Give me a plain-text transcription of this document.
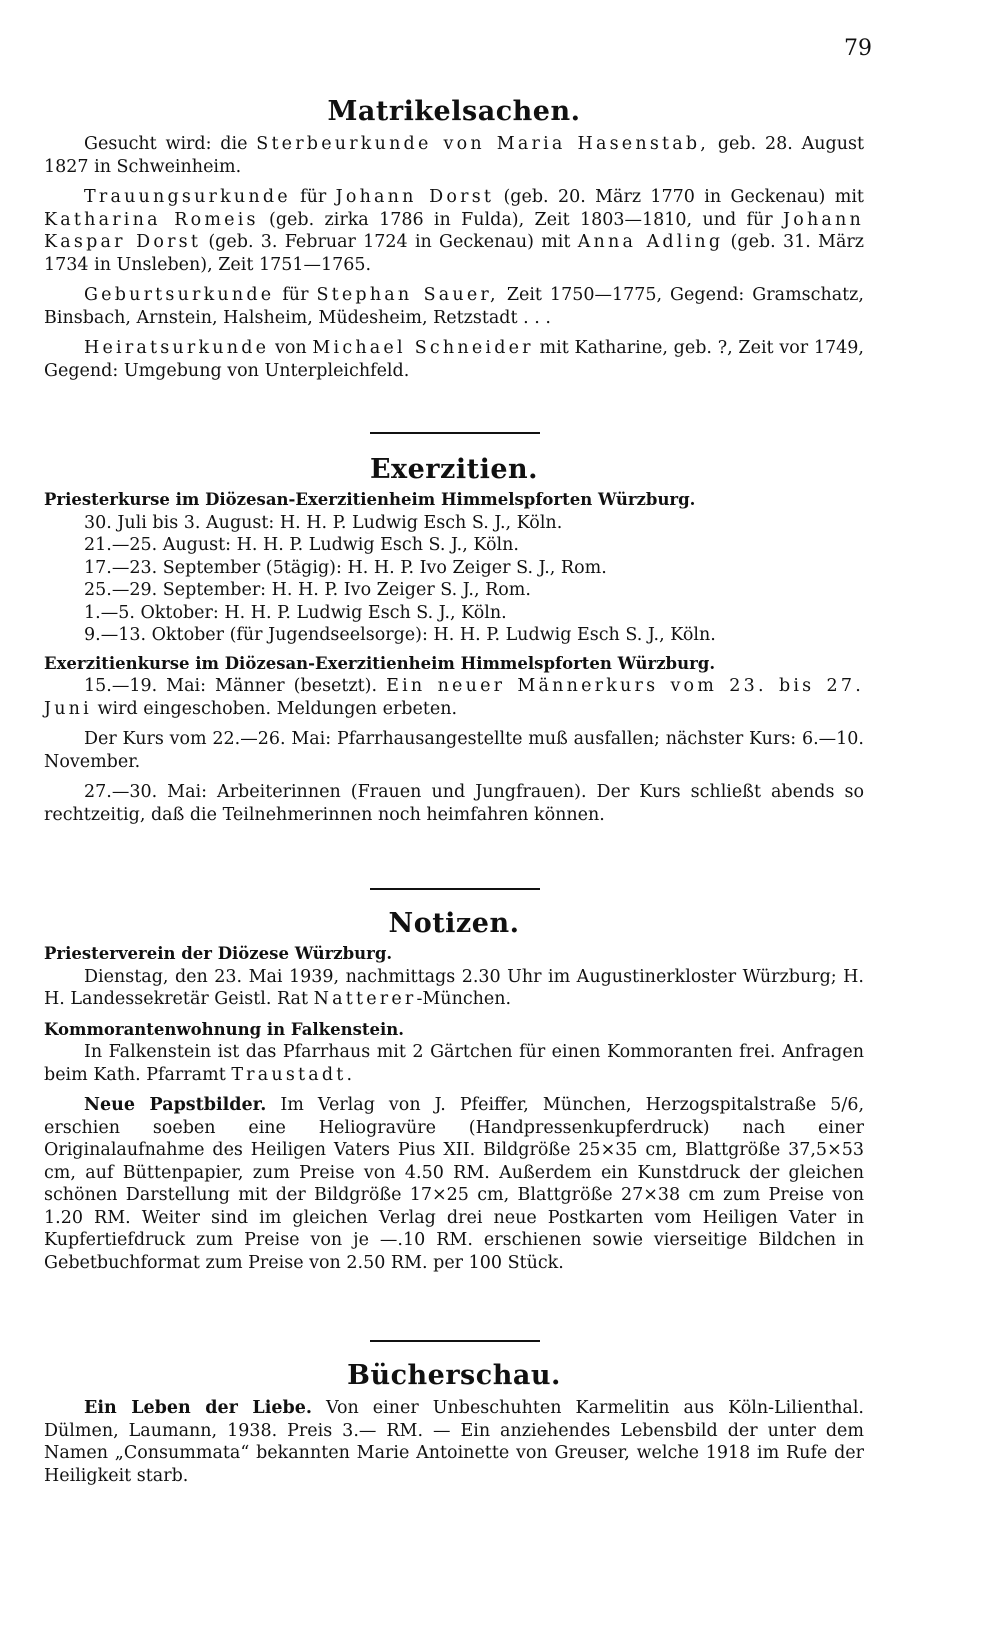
79
Matrikelsachen.

Gesucht wird: die Sterbeurkunde von Maria Hasenstab, geb. 28. August 1827 in Schweinheim.

Trauungsurkunde für Johann Dorst (geb. 20. März 1770 in Geckenau) mit Katharina Romeis (geb. zirka 1786 in Fulda), Zeit 1803—1810, und für Johann Kaspar Dorst (geb. 3. Februar 1724 in Geckenau) mit Anna Adling (geb. 31. März 1734 in Unsleben), Zeit 1751—1765.

Geburtsurkunde für Stephan Sauer, Zeit 1750—1775, Gegend: Gramschatz, Binsbach, Arnstein, Halsheim, Müdesheim, Retzstadt . . .

Heiratsurkunde von Michael Schneider mit Katharine, geb. ?, Zeit vor 1749, Gegend: Umgebung von Unterpleichfeld.

Exerzitien.

Priesterkurse im Diözesan-Exerzitienheim Himmelspforten Würzburg.

30. Juli bis 3. August: H. H. P. Ludwig Esch S. J., Köln.

21.—25. August: H. H. P. Ludwig Esch S. J., Köln.

17.—23. September (5tägig): H. H. P. Ivo Zeiger S. J., Rom.

25.—29. September: H. H. P. Ivo Zeiger S. J., Rom.

1.—5. Oktober: H. H. P. Ludwig Esch S. J., Köln.

9.—13. Oktober (für Jugendseelsorge): H. H. P. Ludwig Esch S. J., Köln.

Exerzitienkurse im Diözesan-Exerzitienheim Himmelspforten Würzburg.

15.—19. Mai: Männer (besetzt). Ein neuer Männerkurs vom 23. bis 27. Juni wird eingeschoben. Meldungen erbeten.

Der Kurs vom 22.—26. Mai: Pfarrhausangestellte muß ausfallen; nächster Kurs: 6.—10. November.

27.—30. Mai: Arbeiterinnen (Frauen und Jungfrauen). Der Kurs schließt abends so rechtzeitig, daß die Teilnehmerinnen noch heimfahren können.

Notizen.

Priesterverein der Diözese Würzburg.

Dienstag, den 23. Mai 1939, nachmittags 2.30 Uhr im Augustinerkloster Würzburg; H. H. Landessekretär Geistl. Rat Natterer-München.

Kommorantenwohnung in Falkenstein.

In Falkenstein ist das Pfarrhaus mit 2 Gärtchen für einen Kommoranten frei. Anfragen beim Kath. Pfarramt Traustadt.

Neue Papstbilder. Im Verlag von J. Pfeiffer, München, Herzogspitalstraße 5/6, erschien soeben eine Heliogravüre (Handpressenkupferdruck) nach einer Originalaufnahme des Heiligen Vaters Pius XII. Bildgröße 25×35 cm, Blattgröße 37,5×53 cm, auf Büttenpapier, zum Preise von 4.50 RM. Außerdem ein Kunstdruck der gleichen schönen Darstellung mit der Bildgröße 17×25 cm, Blattgröße 27×38 cm zum Preise von 1.20 RM. Weiter sind im gleichen Verlag drei neue Postkarten vom Heiligen Vater in Kupfertiefdruck zum Preise von je —.10 RM. erschienen sowie vierseitige Bildchen in Gebetbuchformat zum Preise von 2.50 RM. per 100 Stück.

Bücherschau.

Ein Leben der Liebe. Von einer Unbeschuhten Karmelitin aus Köln-Lilienthal. Dülmen, Laumann, 1938. Preis 3.— RM. — Ein anziehendes Lebensbild der unter dem Namen „Consummata“ bekannten Marie Antoinette von Greuser, welche 1918 im Rufe der Heiligkeit starb.
